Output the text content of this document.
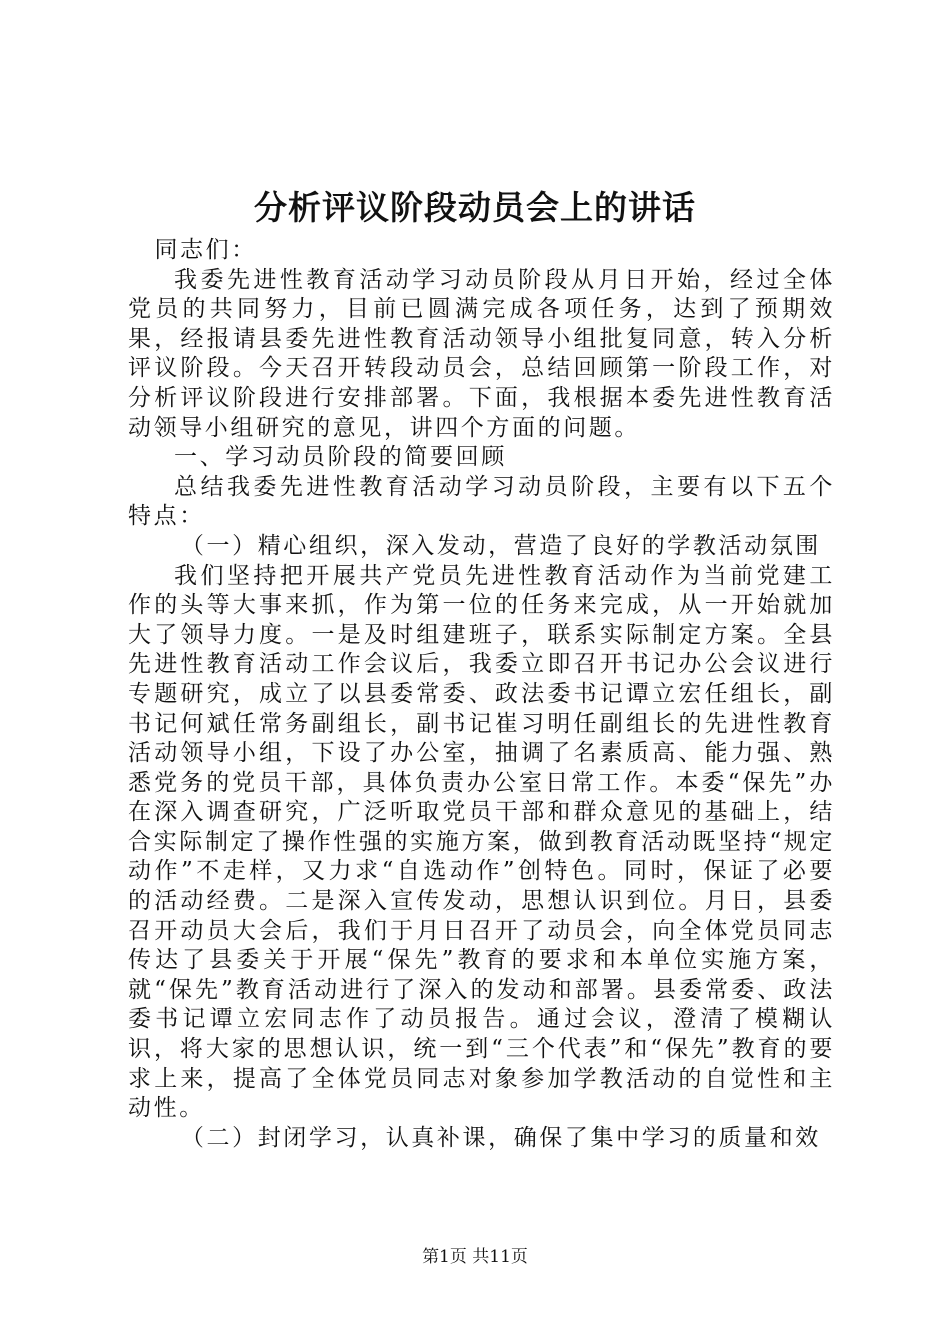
分析评议阶段动员会上的讲话

同志们：

我委先进性教育活动学习动员阶段从月日开始，经过全体党员的共同努力，目前已圆满完成各项任务，达到了预期效果，经报请县委先进性教育活动领导小组批复同意，转入分析评议阶段。今天召开转段动员会，总结回顾第一阶段工作，对分析评议阶段进行安排部署。下面，我根据本委先进性教育活动领导小组研究的意见，讲四个方面的问题。

一、学习动员阶段的简要回顾

总结我委先进性教育活动学习动员阶段，主要有以下五个特点：

（一）精心组织，深入发动，营造了良好的学教活动氛围

我们坚持把开展共产党员先进性教育活动作为当前党建工作的头等大事来抓，作为第一位的任务来完成，从一开始就加大了领导力度。一是及时组建班子，联系实际制定方案。全县先进性教育活动工作会议后，我委立即召开书记办公会议进行专题研究，成立了以县委常委、政法委书记谭立宏任组长，副书记何斌任常务副组长，副书记崔习明任副组长的先进性教育活动领导小组，下设了办公室，抽调了名素质高、能力强、熟悉党务的党员干部，具体负责办公室日常工作。本委“保先”办在深入调查研究，广泛听取党员干部和群众意见的基础上，结合实际制定了操作性强的实施方案，做到教育活动既坚持“规定动作”不走样，又力求“自选动作”创特色。同时，保证了必要的活动经费。二是深入宣传发动，思想认识到位。月日，县委召开动员大会后，我们于月日召开了动员会，向全体党员同志传达了县委关于开展“保先”教育的要求和本单位实施方案，就“保先”教育活动进行了深入的发动和部署。县委常委、政法委书记谭立宏同志作了动员报告。通过会议，澄清了模糊认识，将大家的思想认识，统一到“三个代表”和“保先”教育的要求上来，提高了全体党员同志对象参加学教活动的自觉性和主动性。

（二）封闭学习，认真补课，确保了集中学习的质量和效

第1页 共11页
